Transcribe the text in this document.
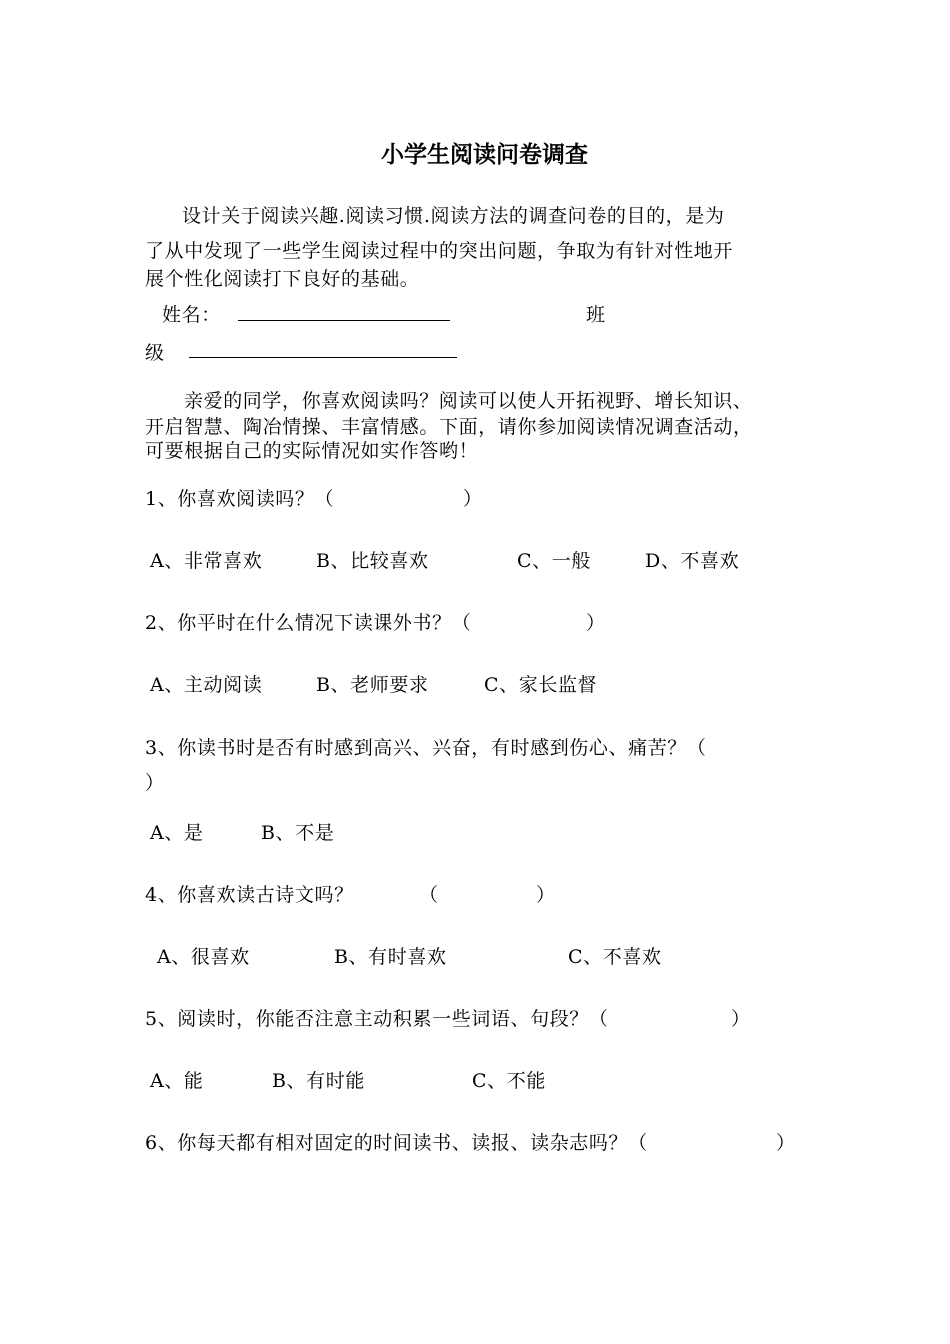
小学生阅读问卷调查
设计关于阅读兴趣.阅读习惯.阅读方法的调查问卷的目的，是为
了从中发现了一些学生阅读过程中的突出问题，争取为有针对性地开
展个性化阅读打下良好的基础。
姓名：	班
级
亲爱的同学，你喜欢阅读吗？阅读可以使人开拓视野、增长知识、
开启智慧、陶冶情操、丰富情感。下面，请你参加阅读情况调查活动，
可要根据自己的实际情况如实作答哟！
1、你喜欢阅读吗？（	）
A、非常喜欢	B、比较喜欢	C、一般	D、不喜欢
2、你平时在什么情况下读课外书？（	）
A、主动阅读	B、老师要求	C、家长监督
3、你读书时是否有时感到高兴、兴奋，有时感到伤心、痛苦？（
）
A、是	B、不是
4、你喜欢读古诗文吗？	（	）
A、很喜欢	B、有时喜欢	C、不喜欢
5、阅读时，你能否注意主动积累一些词语、句段？（	）
A、能	B、有时能	C、不能
6、你每天都有相对固定的时间读书、读报、读杂志吗？（	）
